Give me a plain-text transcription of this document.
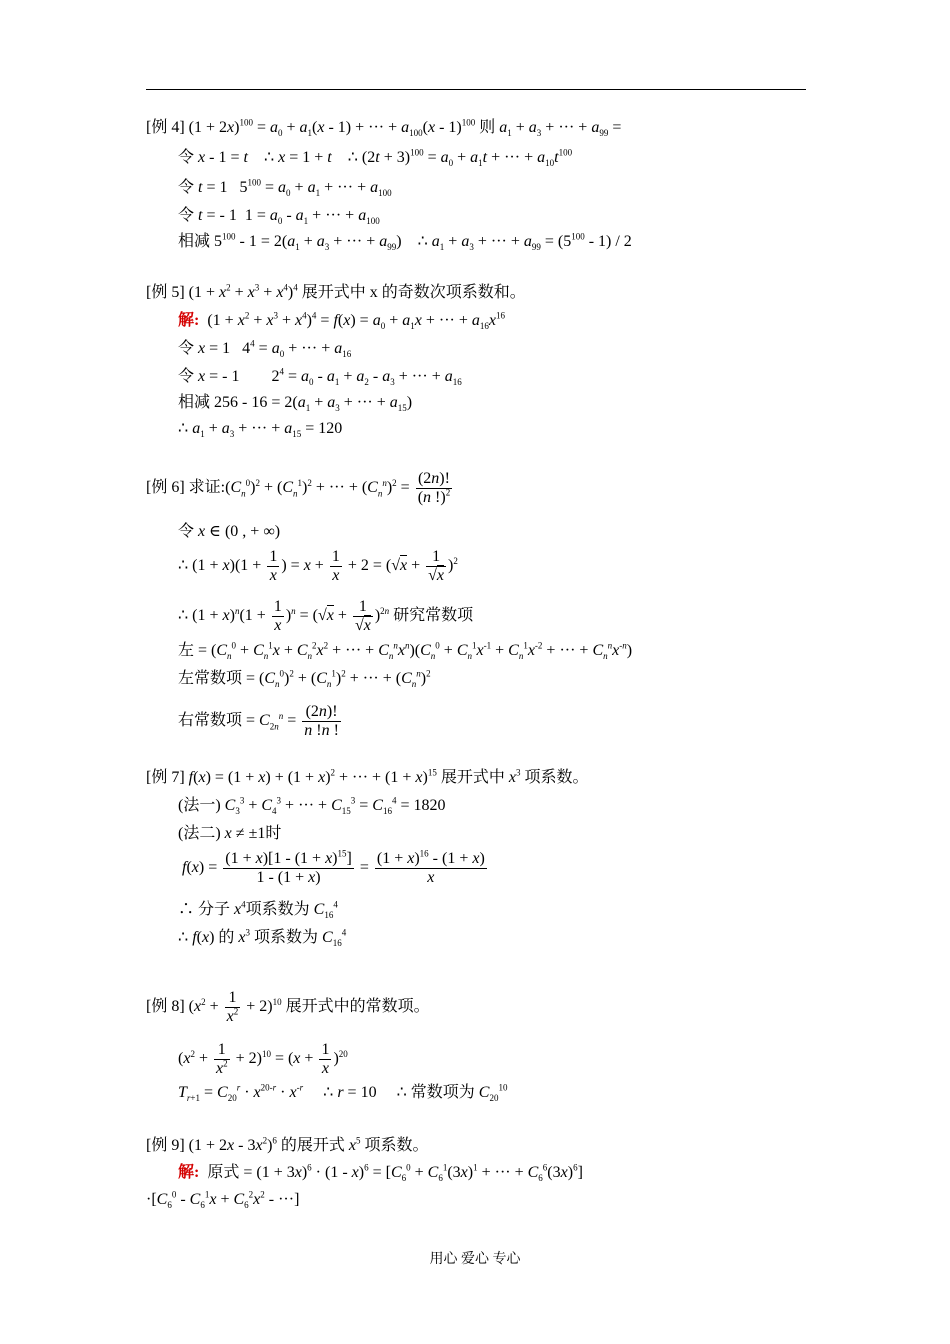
[例 4] $(1 + 2x)^{100} = a_0 + a_1(x - 1)$ + ··· + $a_{100}(x - 1)^{100}$ 则 $a_1 + a_3$ + ··· + $a_{99}$ =
令 x - 1 = t    ∴ x = 1 + t    ∴ $(2t + 3)^{100} = a_0 + a_1t$ + ··· + $a_{10}t^{100}$
令 t = 1   $5^{100} = a_0 + a_1$ + ··· + $a_{100}$
令 t = - 1  $1 = a_0 - a_1$ + ··· + $a_{100}$
相减 $5^{100} - 1 = 2(a_1 + a_3$ + ··· + $a_{99}$)    ∴ $a_1 + a_3$ + ··· + $a_{99} = (5^{100} - 1) / 2$
[例 5] $(1 + x^2 + x^3 + x^4)^4$ 展开式中 x 的奇数次项系数和。
解:  $(1 + x^2 + x^3 + x^4)^4 = f(x) = a_0 + a_1x$ + ··· + $a_{16}x^{16}$
令 x = 1   $4^4 = a_0$ + ··· + $a_{16}$
令 x = - 1        $2^4 = a_0 - a_1 + a_2 - a_3$ + ··· + $a_{16}$
相减 $256 - 16 = 2(a_1 + a_3$ + ··· + $a_{15}$)
∴ $a_1 + a_3$ + ··· + $a_{15} = 120$
[例 6] 求证$:(C_n^0)^2 + (C_n^1)^2$ + ··· + $(C_n^n)^2 = \frac{(2n)!}{(n !)^2}$
令 x ∈ (0 , + ∞)
∴ $(1 + x)(1 + \frac{1}{x}$ ) = $x + \frac{1}{x} + 2 = (√x + \frac{1}{√x} )^2$
∴ $(1 + x)^n(1 + \frac{1}{x} )^n = (√x + \frac{1}{√x} )^{2n}$ 研究常数项
左 = ($C_n^0 + C_n^1x + C_n^2x^2$ + ··· + $C_n^nx^n)(C_n^0 + C_n^1x^{-1} + C_n^1x^{-2}$ + ··· + $C_n^nx^{-n}$)
左常数项 = $(C_n^0)^2 + (C_n^1)^2$ + ··· + $(C_n^n)^2$
右常数项 = $C_{2n}^n = \frac{(2n)!}{n !n !}$
[例 7] $f(x) = (1 + x) + (1 + x)^2$ + ··· + $(1 + x)^{15}$ 展开式中 $x^3$ 项系数。
(法一) $C_3^3 + C_4^3$ + ··· + $C_{15}^3 = C_{16}^4 = 1820$
(法二) x ≠ ±1时
$f(x) = \frac{(1 + x)[1 - (1 + x)^{15}]}{1 - (1 + x)} = \frac{(1 + x)^{16} - (1 + x)}{x}$
∴ 分子 $x^4$项系数为 $C_{16}^4$
∴ f(x) 的 $x^3$ 项系数为 $C_{16}^4$
[例 8] $(x^2 + \frac{1}{x^2} + 2)^{10}$ 展开式中的常数项。
$(x^2 + \frac{1}{x^2} + 2)^{10} = (x + \frac{1}{x} )^{20}$
$T_{r+1} = C_{20}^r \cdot x^{20-r} \cdot x^{-r}$     ∴ r = 10     ∴ 常数项为 $C_{20}^{10}$
[例 9] $(1 + 2x - 3x^2)^6$ 的展开式 $x^5$ 项系数。
解:  原式 = $(1 + 3x)^6 \cdot (1 - x)^6 = [C_6^0 + C_6^1(3x)^1$ + ··· + $C_6^6(3x)^6$]
$\cdot[C_6^0 - C_6^1x + C_6^2x^2$ - ···]
用心 爱心 专心
